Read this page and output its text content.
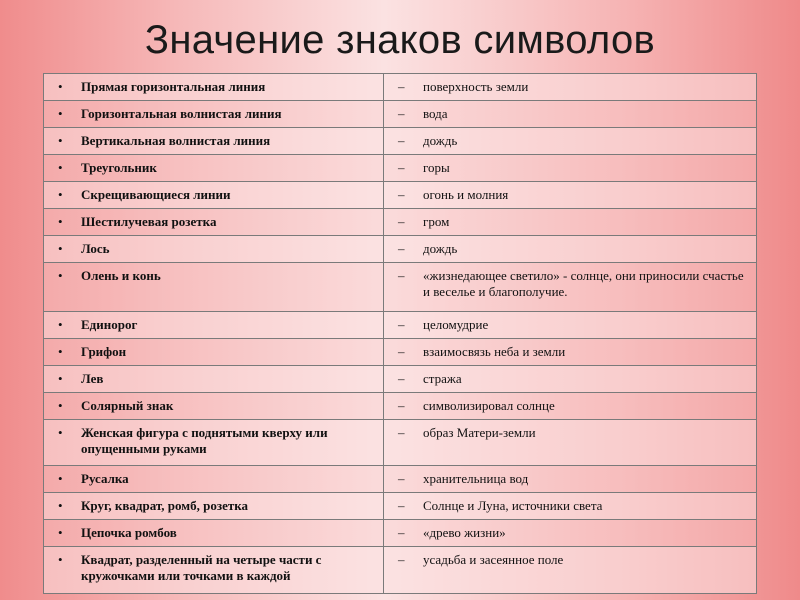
Значение знаков символов
• Прямая горизонтальная линия	– поверхность земли

• Горизонтальная волнистая линия	– вода

• Вертикальная волнистая линия	– дождь

• Треугольник	– горы

• Скрещивающиеся линии	– огонь и молния

• Шестилучевая розетка	– гром

• Лось	– дождь

• Олень и конь	– «жизнедающее светило» - солнце, они приносили счастье и веселье и благополучие.

• Единорог	– целомудрие

• Грифон	– взаимосвязь неба и земли

• Лев	– стража

• Солярный знак	– символизировал солнце

• Женская фигура с поднятыми кверху или опущенными руками	– образ Матери-земли

• Русалка	– хранительница вод

• Круг, квадрат, ромб, розетка	– Солнце и Луна, источники света

• Цепочка ромбов	– «древо жизни»

• Квадрат, разделенный на четыре части с кружочками или точками в каждой	– усадьба и засеянное поле
